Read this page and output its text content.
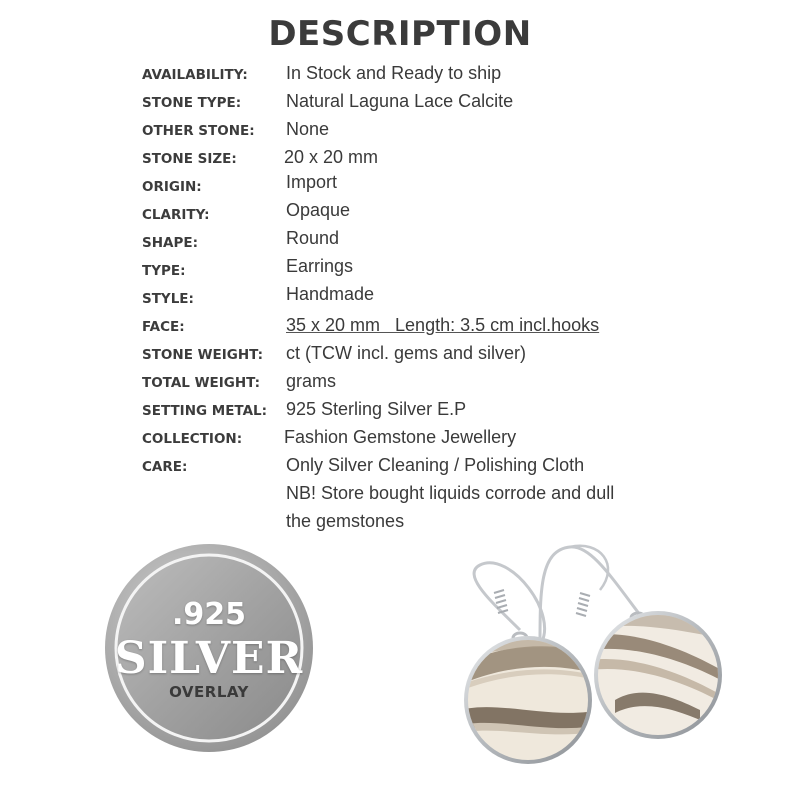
DESCRIPTION
AVAILABILITY: In Stock and Ready to ship
STONE TYPE: Natural Laguna Lace Calcite
OTHER STONE: None
STONE SIZE:	20 x 20 mm
ORIGIN:	Import
CLARITY:	Opaque
SHAPE:	Round
TYPE:	Earrings
STYLE:	Handmade
FACE:	35 x 20 mm   Length: 3.5 cm incl.hooks
STONE WEIGHT: ct (TCW incl. gems and silver)
TOTAL WEIGHT: grams
SETTING METAL: 925 Sterling Silver E.P
COLLECTION: Fashion Gemstone Jewellery
CARE:	Only Silver Cleaning / Polishing Cloth
NB! Store bought liquids corrode and dull
the gemstones
.925
SILVER
OVERLAY
